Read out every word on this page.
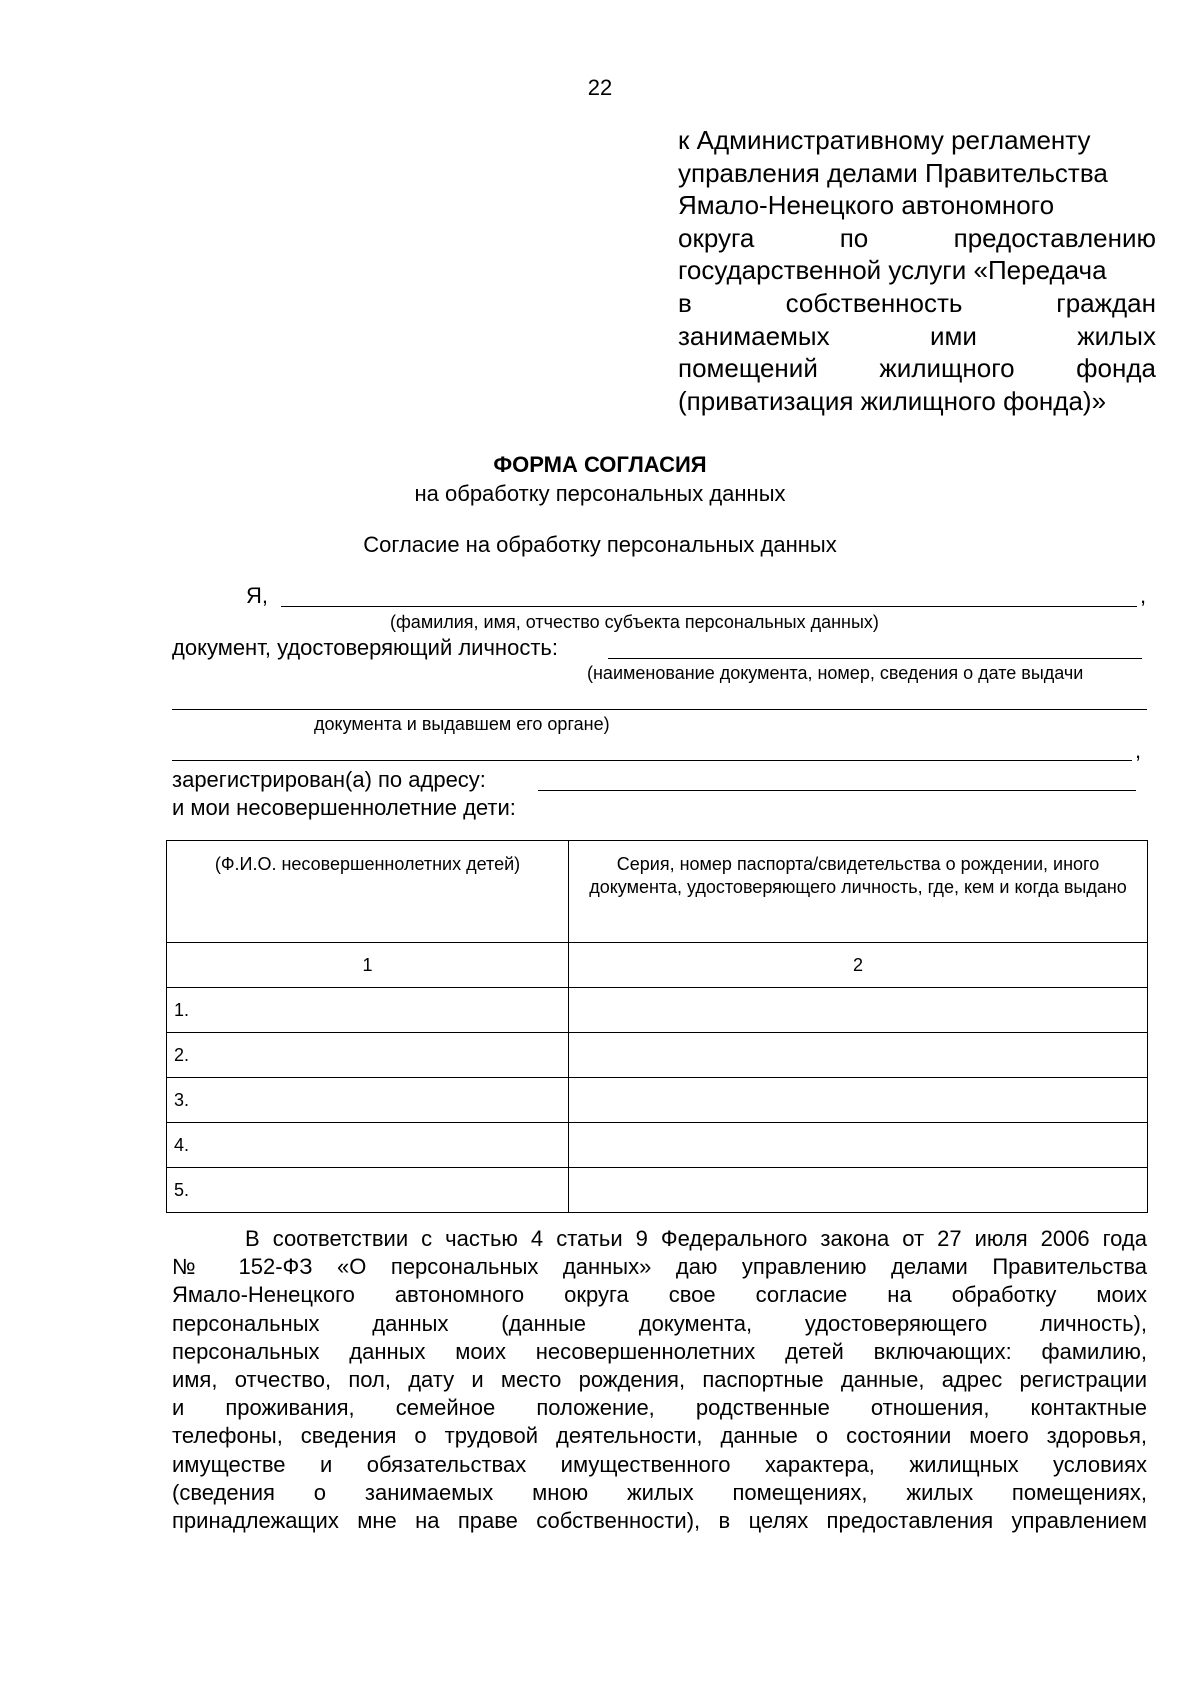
22
к Административному регламенту
управления делами Правительства
Ямало-Ненецкого автономного
округа по предоставлению
государственной услуги «Передача
в собственность граждан
занимаемых ими жилых
помещений жилищного фонда
(приватизация жилищного фонда)»
ФОРМА СОГЛАСИЯ
на обработку персональных данных
Согласие на обработку персональных данных
Я,	,
(фамилия, имя, отчество субъекта персональных данных)
документ, удостоверяющий личность:
(наименование документа, номер, сведения о дате выдачи
документа и выдавшем его органе)
,
зарегистрирован(а) по адресу:
и мои несовершеннолетние дети:
(Ф.И.О. несовершеннолетних детей)	Серия, номер паспорта/свидетельства о рождении, иного документа, удостоверяющего личность, где, кем и когда выдано
1	2
1.	
2.	
3.	
4.	
5.	
В соответствии с частью 4 статьи 9 Федерального закона от 27 июля 2006 года
№ 152-ФЗ «О персональных данных» даю управлению делами Правительства
Ямало-Ненецкого автономного округа свое согласие на обработку моих
персональных данных (данные документа, удостоверяющего личность),
персональных данных моих несовершеннолетних детей включающих: фамилию,
имя, отчество, пол, дату и место рождения, паспортные данные, адрес регистрации
и проживания, семейное положение, родственные отношения, контактные
телефоны, сведения о трудовой деятельности, данные о состоянии моего здоровья,
имуществе и обязательствах имущественного характера, жилищных условиях
(сведения о занимаемых мною жилых помещениях, жилых помещениях,
принадлежащих мне на праве собственности), в целях предоставления управлением
